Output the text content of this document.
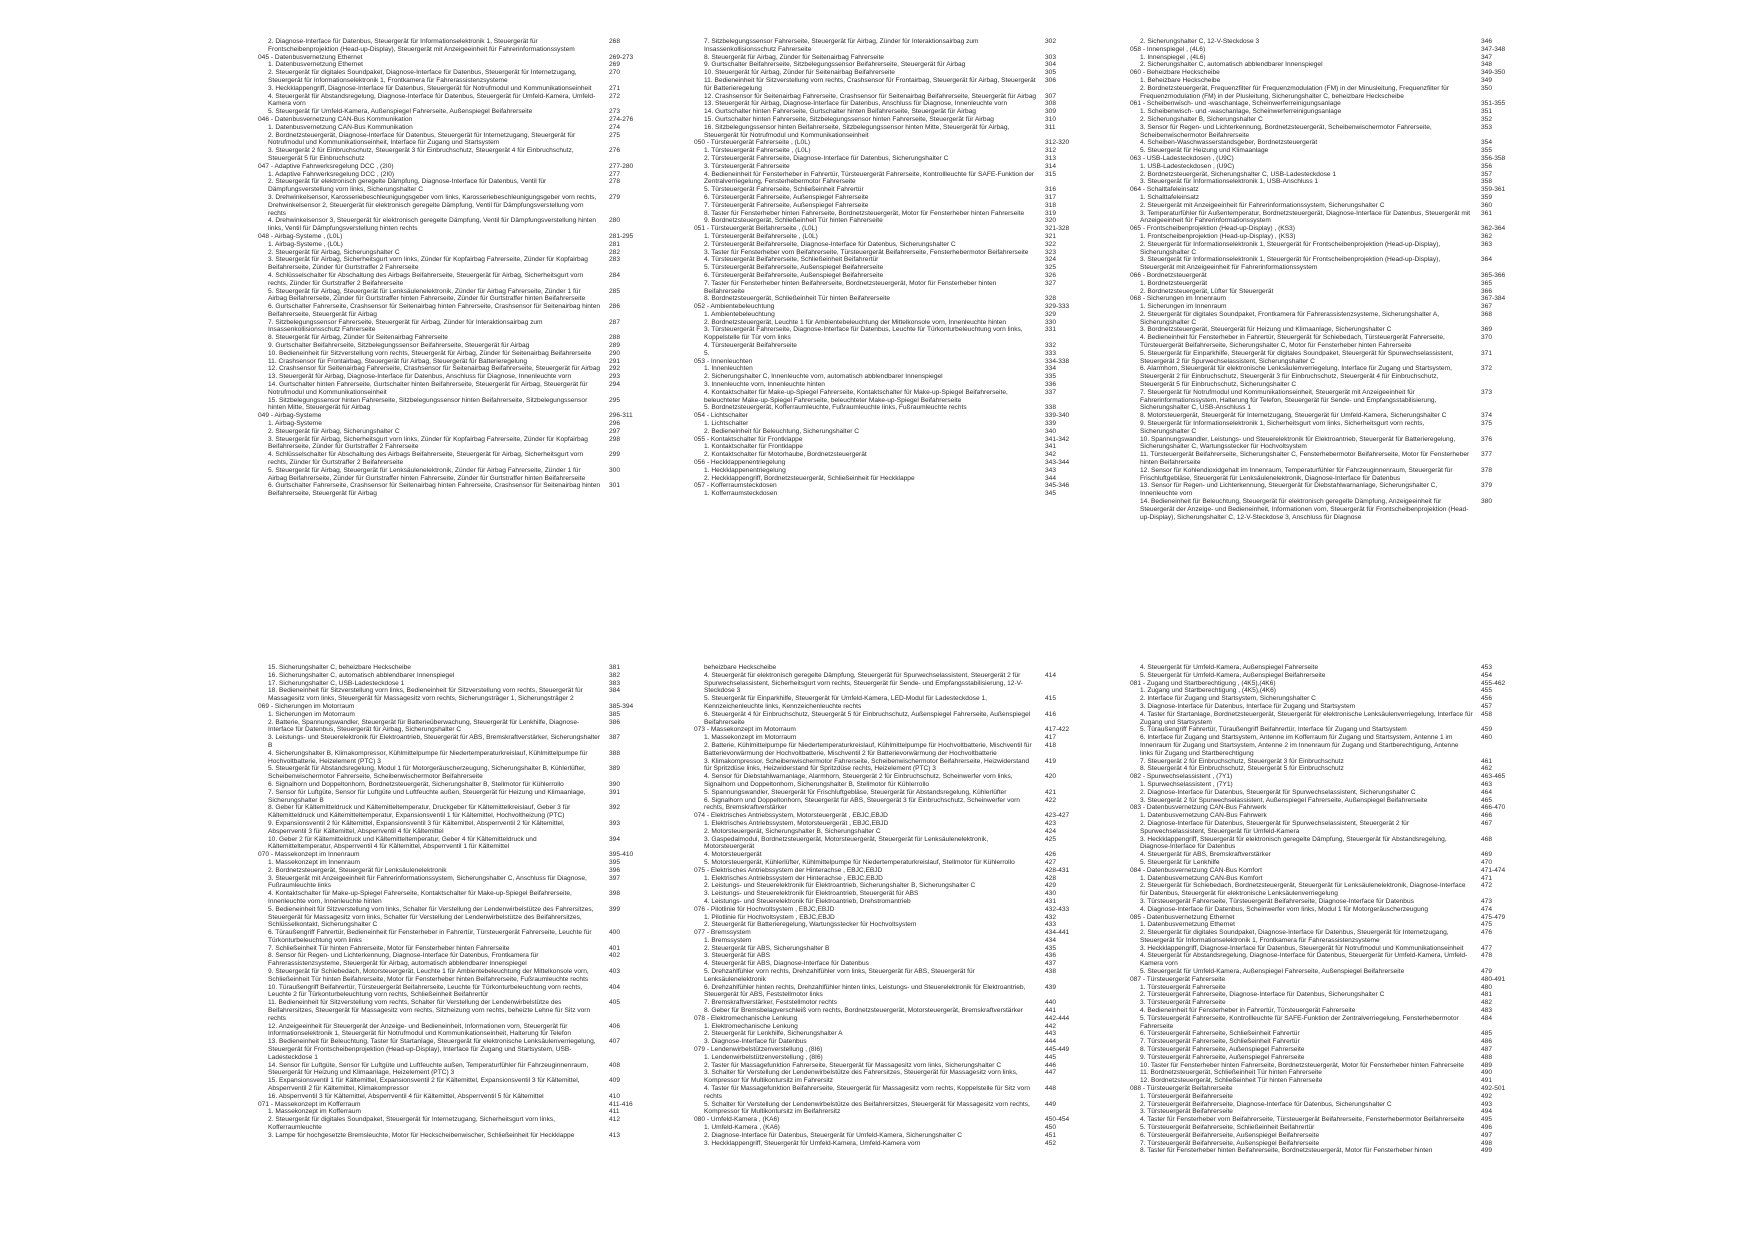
2. Diagnose-Interface für Datenbus, Steuergerät für Informationselektronik 1, Steuergerät für Frontscheibenprojektion (Head-up-Display), Steuergerät mit Anzeigeeinheit für Fahrerinformationssystem
268
045 - Datenbusvernetzung Ethernet	269-273
1. Datenbusvernetzung Ethernet	269
2. Steuergerät für digitales Soundpaket, Diagnose-Interface für Datenbus, Steuergerät für Internetzugang, Steuergerät für Informationselektronik 1, Frontkamera für Fahrerassistenzsysteme
270
3. Heckklappengriff, Diagnose-Interface für Datenbus, Steuergerät für Notrufmodul und Kommunikationseinheit	271
4. Steuergerät für Abstandsregelung, Diagnose-Interface für Datenbus, Steuergerät für Umfeld-Kamera, Umfeld-Kamera vorn
272
5. Steuergerät für Umfeld-Kamera, Außenspiegel Fahrerseite, Außenspiegel Beifahrerseite	273
046 - Datenbusvernetzung CAN-Bus Kommunikation	274-276
1. Datenbusvernetzung CAN-Bus Kommunikation	274
2. Bordnetzsteuergerät, Diagnose-Interface für Datenbus, Steuergerät für Internetzugang, Steuergerät für Notrufmodul und Kommunikationseinheit, Interface für Zugang und Startsystem
275
3. Steuergerät 2 für Einbruchschutz, Steuergerät 3 für Einbruchschutz, Steuergerät 4 für Einbruchschutz, Steuergerät 5 für Einbruchschutz
276
047 - Adaptive Fahrwerksregelung DCC , (2I0)	277-280
1. Adaptive Fahrwerksregelung DCC , (2I0)	277
2. Steuergerät für elektronisch geregelte Dämpfung, Diagnose-Interface für Datenbus, Ventil für Dämpfungsverstellung vorn links, Sicherungshalter C
278
3. Drehwinkelsensor, Karosseriebeschleunigungsgeber vorn links, Karosseriebeschleunigungsgeber vorn rechts, Drehwinkelsensor 2, Steuergerät für elektronisch geregelte Dämpfung, Ventil für Dämpfungsverstellung vorn rechts
279
4. Drehwinkelsensor 3, Steuergerät für elektronisch geregelte Dämpfung, Ventil für Dämpfungsverstellung hinten links, Ventil für Dämpfungsverstellung hinten rechts
280
048 - Airbag-Systeme , (L0L)	281-295
1. Airbag-Systeme , (L0L)	281
2. Steuergerät für Airbag, Sicherungshalter C	282
3. Steuergerät für Airbag, Sicherheitsgurt vorn links, Zünder für Kopfairbag Fahrerseite, Zünder für Kopfairbag Beifahrerseite, Zünder für Gurtstraffer 2 Fahrerseite
283
4. Schlüsselschalter für Abschaltung des Airbags Beifahrerseite, Steuergerät für Airbag, Sicherheitsgurt vorn rechts, Zünder für Gurtstraffer 2 Beifahrerseite
284
5. Steuergerät für Airbag, Steuergerät für Lenksäulenelektronik, Zünder für Airbag Fahrerseite, Zünder 1 für Airbag Beifahrerseite, Zünder für Gurtstraffer hinten Fahrerseite, Zünder für Gurtstraffer hinten Beifahrerseite
285
6. Gurtschalter Fahrerseite, Crashsensor für Seitenairbag hinten Fahrerseite, Crashsensor für Seitenairbag hinten Beifahrerseite, Steuergerät für Airbag
286
7. Sitzbelegungssensor Fahrerseite, Steuergerät für Airbag, Zünder für Interaktionsairbag zum Insassenkollisionsschutz Fahrerseite
287
8. Steuergerät für Airbag, Zünder für Seitenairbag Fahrerseite	288
9. Gurtschalter Beifahrerseite, Sitzbelegungssensor Beifahrerseite, Steuergerät für Airbag	289
10. Bedieneinheit für Sitzverstellung vorn rechts, Steuergerät für Airbag, Zünder für Seitenairbag Beifahrerseite	290
11. Crashsensor für Frontairbag, Steuergerät für Airbag, Steuergerät für Batterieregelung	291
12. Crashsensor für Seitenairbag Fahrerseite, Crashsensor für Seitenairbag Beifahrerseite, Steuergerät für Airbag	292
13. Steuergerät für Airbag, Diagnose-Interface für Datenbus, Anschluss für Diagnose, Innenleuchte vorn	293
14. Gurtschalter hinten Fahrerseite, Gurtschalter hinten Beifahrerseite, Steuergerät für Airbag, Steuergerät für Notrufmodul und Kommunikationseinheit
294
15. Sitzbelegungssensor hinten Fahrerseite, Sitzbelegungssensor hinten Beifahrerseite, Sitzbelegungssensor hinten Mitte, Steuergerät für Airbag
295
049 - Airbag-Systeme	296-311
1. Airbag-Systeme	296
2. Steuergerät für Airbag, Sicherungshalter C	297
3. Steuergerät für Airbag, Sicherheitsgurt vorn links, Zünder für Kopfairbag Fahrerseite, Zünder für Kopfairbag Beifahrerseite, Zünder für Gurtstraffer 2 Fahrerseite
298
4. Schlüsselschalter für Abschaltung des Airbags Beifahrerseite, Steuergerät für Airbag, Sicherheitsgurt vorn rechts, Zünder für Gurtstraffer 2 Beifahrerseite
299
5. Steuergerät für Airbag, Steuergerät für Lenksäulenelektronik, Zünder für Airbag Fahrerseite, Zünder 1 für Airbag Beifahrerseite, Zünder für Gurtstraffer hinten Fahrerseite, Zünder für Gurtstraffer hinten Beifahrerseite
300
6. Gurtschalter Fahrerseite, Crashsensor für Seitenairbag hinten Fahrerseite, Crashsensor für Seitenairbag hinten Beifahrerseite, Steuergerät für Airbag
301
7. Sitzbelegungssensor Fahrerseite, Steuergerät für Airbag, Zünder für Interaktionsairbag zum Insassenkollisionsschutz Fahrerseite
302
8. Steuergerät für Airbag, Zünder für Seitenairbag Fahrerseite	303
9. Gurtschalter Beifahrerseite, Sitzbelegungssensor Beifahrerseite, Steuergerät für Airbag	304
10. Steuergerät für Airbag, Zünder für Seitenairbag Beifahrerseite	305
11. Bedieneinheit für Sitzverstellung vorn rechts, Crashsensor für Frontairbag, Steuergerät für Airbag, Steuergerät für Batterieregelung
306
12. Crashsensor für Seitenairbag Fahrerseite, Crashsensor für Seitenairbag Beifahrerseite, Steuergerät für Airbag	307
13. Steuergerät für Airbag, Diagnose-Interface für Datenbus, Anschluss für Diagnose, Innenleuchte vorn	308
14. Gurtschalter hinten Fahrerseite, Gurtschalter hinten Beifahrerseite, Steuergerät für Airbag	309
15. Gurtschalter hinten Fahrerseite, Sitzbelegungssensor hinten Fahrerseite, Steuergerät für Airbag	310
16. Sitzbelegungssensor hinten Beifahrerseite, Sitzbelegungssensor hinten Mitte, Steuergerät für Airbag, Steuergerät für Notrufmodul und Kommunikationseinheit
311
050 - Türsteuergerät Fahrerseite , (L0L)	312-320
1. Türsteuergerät Fahrerseite , (L0L)	312
2. Türsteuergerät Fahrerseite, Diagnose-Interface für Datenbus, Sicherungshalter C	313
3. Türsteuergerät Fahrerseite	314
4. Bedieneinheit für Fensterheber in Fahrertür, Türsteuergerät Fahrerseite, Kontrollleuchte für SAFE-Funktion der Zentralverriegelung, Fensterhebermotor Fahrerseite
315
5. Türsteuergerät Fahrerseite, Schließeinheit Fahrertür	316
6. Türsteuergerät Fahrerseite, Außenspiegel Fahrerseite	317
7. Türsteuergerät Fahrerseite, Außenspiegel Fahrerseite	318
8. Taster für Fensterheber hinten Fahrerseite, Bordnetzsteuergerät, Motor für Fensterheber hinten Fahrerseite	319
9. Bordnetzsteuergerät, Schließeinheit Tür hinten Fahrerseite	320
051 - Türsteuergerät Beifahrerseite , (L0L)	321-328
1. Türsteuergerät Beifahrerseite , (L0L)	321
2. Türsteuergerät Beifahrerseite, Diagnose-Interface für Datenbus, Sicherungshalter C	322
3. Taster für Fensterheber vorn Beifahrerseite, Türsteuergerät Beifahrerseite, Fensterhebermotor Beifahrerseite	323
4. Türsteuergerät Beifahrerseite, Schließeinheit Beifahrertür	324
5. Türsteuergerät Beifahrerseite, Außenspiegel Beifahrerseite	325
6. Türsteuergerät Beifahrerseite, Außenspiegel Beifahrerseite	326
7. Taster für Fensterheber hinten Beifahrerseite, Bordnetzsteuergerät, Motor für Fensterheber hinten Beifahrerseite
327
8. Bordnetzsteuergerät, Schließeinheit Tür hinten Beifahrerseite	328
052 - Ambientebeleuchtung	329-333
1. Ambientebeleuchtung	329
2. Bordnetzsteuergerät, Leuchte 1 für Ambientebeleuchtung der Mittelkonsole vorn, Innenleuchte hinten	330
3. Türsteuergerät Fahrerseite, Diagnose-Interface für Datenbus, Leuchte für Türkonturbeleuchtung vorn links, Koppelstelle für Tür vorn links
331
4. Türsteuergerät Beifahrerseite	332
5.	333
053 - Innenleuchten	334-338
1. Innenleuchten	334
2. Sicherungshalter C, Innenleuchte vorn, automatisch abblendbarer Innenspiegel	335
3. Innenleuchte vorn, Innenleuchte hinten	336
4. Kontaktschalter für Make-up-Spiegel Fahrerseite, Kontaktschalter für Make-up-Spiegel Beifahrerseite, beleuchteter Make-up-Spiegel Fahrerseite, beleuchteter Make-up-Spiegel Beifahrerseite
337
5. Bordnetzsteuergerät, Kofferraumleuchte, Fußraumleuchte links, Fußraumleuchte rechts	338
054 - Lichtschalter	339-340
1. Lichtschalter	339
2. Bedieneinheit für Beleuchtung, Sicherungshalter C	340
055 - Kontaktschalter für Frontklappe	341-342
1. Kontaktschalter für Frontklappe	341
2. Kontaktschalter für Motorhaube, Bordnetzsteuergerät	342
056 - Heckklappenentriegelung	343-344
1. Heckklappenentriegelung	343
2. Heckklappengriff, Bordnetzsteuergerät, Schließeinheit für Heckklappe	344
057 - Kofferraumsteckdosen	345-346
1. Kofferraumsteckdosen	345
2. Sicherungshalter C, 12-V-Steckdose 3	346
058 - Innenspiegel , (4L6)	347-348
1. Innenspiegel , (4L6)	347
2. Sicherungshalter C, automatisch abblendbarer Innenspiegel	348
060 - Beheizbare Heckscheibe	349-350
1. Beheizbare Heckscheibe	349
2. Bordnetzsteuergerät, Frequenzfilter für Frequenzmodulation (FM) in der Minusleitung, Frequenzfilter für Frequenzmodulation (FM) in der Plusleitung, Sicherungshalter C, beheizbare Heckscheibe
350
061 - Scheibenwisch- und -waschanlage, Scheinwerferreinigungsanlage	351-355
1. Scheibenwisch- und -waschanlage, Scheinwerferreinigungsanlage	351
2. Sicherungshalter B, Sicherungshalter C	352
3. Sensor für Regen- und Lichterkennung, Bordnetzsteuergerät, Scheibenwischermotor Fahrerseite, Scheibenwischermotor Beifahrerseite
353
4. Scheiben-Waschwasserstandsgeber, Bordnetzsteuergerät	354
5. Steuergerät für Heizung und Klimaanlage	355
063 - USB-Ladesteckdosen , (U9C)	356-358
1. USB-Ladesteckdosen , (U9C)	356
2. Bordnetzsteuergerät, Sicherungshalter C, USB-Ladesteckdose 1	357
3. Steuergerät für Informationselektronik 1, USB-Anschluss 1	358
064 - Schalttafeleinsatz	359-361
1. Schalttafeleinsatz	359
2. Steuergerät mit Anzeigeeinheit für Fahrerinformationssystem, Sicherungshalter C	360
3. Temperaturfühler für Außentemperatur, Bordnetzsteuergerät, Diagnose-Interface für Datenbus, Steuergerät mit Anzeigeeinheit für Fahrerinformationssystem
361
065 - Frontscheibenprojektion (Head-up-Display) , (KS3)	362-364
1. Frontscheibenprojektion (Head-up-Display) , (KS3)	362
2. Steuergerät für Informationselektronik 1, Steuergerät für Frontscheibenprojektion (Head-up-Display), Sicherungshalter C
363
3. Steuergerät für Informationselektronik 1, Steuergerät für Frontscheibenprojektion (Head-up-Display), Steuergerät mit Anzeigeeinheit für Fahrerinformationssystem
364
066 - Bordnetzsteuergerät	365-366
1. Bordnetzsteuergerät	365
2. Bordnetzsteuergerät, Lüfter für Steuergerät	366
068 - Sicherungen im Innenraum	367-384
1. Sicherungen im Innenraum	367
2. Steuergerät für digitales Soundpaket, Frontkamera für Fahrerassistenzsysteme, Sicherungshalter A, Sicherungshalter C
368
3. Bordnetzsteuergerät, Steuergerät für Heizung und Klimaanlage, Sicherungshalter C	369
4. Bedieneinheit für Fensterheber in Fahrertür, Steuergerät für Schiebedach, Türsteuergerät Fahrerseite, Türsteuergerät Beifahrerseite, Sicherungshalter C, Motor für Fensterheber hinten Fahrerseite
370
5. Steuergerät für Einparkhilfe, Steuergerät für digitales Soundpaket, Steuergerät für Spurwechselassistent, Steuergerät 2 für Spurwechselassistent, Sicherungshalter C
371
6. Alarmhorn, Steuergerät für elektronische Lenksäulenverriegelung, Interface für Zugang und Startsystem, Steuergerät 2 für Einbruchschutz, Steuergerät 3 für Einbruchschutz, Steuergerät 4 für Einbruchschutz, Steuergerät 5 für Einbruchschutz, Sicherungshalter C
372
7. Steuergerät für Notrufmodul und Kommunikationseinheit, Steuergerät mit Anzeigeeinheit für Fahrerinformationssystem, Halterung für Telefon, Steuergerät für Sende- und Empfangsstabilisierung, Sicherungshalter C, USB-Anschluss 1
373
8. Motorsteuergerät, Steuergerät für Internetzugang, Steuergerät für Umfeld-Kamera, Sicherungshalter C	374
9. Steuergerät für Informationselektronik 1, Sicherheitsgurt vorn links, Sicherheitsgurt vorn rechts, Sicherungshalter C
375
10. Spannungswandler, Leistungs- und Steuerelektronik für Elektroantrieb, Steuergerät für Batterieregelung, Sicherungshalter C, Wartungsstecker für Hochvoltsystem
376
11. Türsteuergerät Beifahrerseite, Sicherungshalter C, Fensterhebermotor Beifahrerseite, Motor für Fensterheber hinten Beifahrerseite
377
12. Sensor für Kohlendioxidgehalt im Innenraum, Temperaturfühler für Fahrzeuginnenraum, Steuergerät für Frischluftgebläse, Steuergerät für Lenksäulenelektronik, Diagnose-Interface für Datenbus
378
13. Sensor für Regen- und Lichterkennung, Steuergerät für Diebstahlwarnanlage, Sicherungshalter C, Innenleuchte vorn
379
14. Bedieneinheit für Beleuchtung, Steuergerät für elektronisch geregelte Dämpfung, Anzeigeeinheit für Steuergerät der Anzeige- und Bedieneinheit, Informationen vorn, Steuergerät für Frontscheibenprojektion (Head-up-Display), Sicherungshalter C, 12-V-Steckdose 3, Anschluss für Diagnose
380
15. Sicherungshalter C, beheizbare Heckscheibe	381
16. Sicherungshalter C, automatisch abblendbarer Innenspiegel	382
17. Sicherungshalter C, USB-Ladesteckdose 1	383
18. Bedieneinheit für Sitzverstellung vorn links, Bedieneinheit für Sitzverstellung vorn rechts, Steuergerät für Massagesitz vorn links, Steuergerät für Massagesitz vorn rechts, Sicherungsträger 1, Sicherungsträger 2
384
069 - Sicherungen im Motorraum	385-394
1. Sicherungen im Motorraum	385
2. Batterie, Spannungswandler, Steuergerät für Batterieüberwachung, Steuergerät für Lenkhilfe, Diagnose-Interface für Datenbus, Steuergerät für Airbag, Sicherungshalter C
386
3. Leistungs- und Steuerelektronik für Elektroantrieb, Steuergerät für ABS, Bremskraftverstärker, Sicherungshalter B
387
4. Sicherungshalter B, Klimakompressor, Kühlmittelpumpe für Niedertemperaturkreislauf, Kühlmittelpumpe für Hochvoltbatterie, Heizelement (PTC) 3
388
5. Steuergerät für Abstandsregelung, Modul 1 für Motorgeräuscherzeugung, Sicherungshalter B, Kühlerlüfter, Scheibenwischermotor Fahrerseite, Scheibenwischermotor Beifahrerseite
389
6. Signalhorn und Doppeltonhorn, Bordnetzsteuergerät, Sicherungshalter B, Stellmotor für Kühlerrollo	390
7. Sensor für Luftgüte, Sensor für Luftgüte und Luftfeuchte außen, Steuergerät für Heizung und Klimaanlage, Sicherungshalter B
391
8. Geber für Kältemitteldruck und Kältemitteltemperatur, Druckgeber für Kältemittelkreislauf, Geber 3 für Kältemitteldruck und Kältemitteltemperatur, Expansionsventil 1 für Kältemittel, Hochvoltheizung (PTC)
392
9. Expansionsventil 2 für Kältemittel, Expansionsventil 3 für Kältemittel, Absperrventil 2 für Kältemittel, Absperrventil 3 für Kältemittel, Absperrventil 4 für Kältemittel
393
10. Geber 2 für Kältemitteldruck und Kältemitteltemperatur, Geber 4 für Kältemitteldruck und Kältemitteltemperatur, Absperrventil 4 für Kältemittel, Absperrventil 1 für Kältemittel
394
070 - Massekonzept im Innenraum	395-410
1. Massekonzept im Innenraum	395
2. Bordnetzsteuergerät, Steuergerät für Lenksäulenelektronik	396
3. Steuergerät mit Anzeigeeinheit für Fahrerinformationssystem, Sicherungshalter C, Anschluss für Diagnose, Fußraumleuchte links
397
4. Kontaktschalter für Make-up-Spiegel Fahrerseite, Kontaktschalter für Make-up-Spiegel Beifahrerseite, Innenleuchte vorn, Innenleuchte hinten
398
5. Bedieneinheit für Sitzverstellung vorn links, Schalter für Verstellung der Lendenwirbelstütze des Fahrersitzes, Steuergerät für Massagesitz vorn links, Schalter für Verstellung der Lendenwirbelstütze des Beifahrersitzes, Schlüsselkontakt, Sicherungshalter C
399
6. Türaußengriff Fahrertür, Bedieneinheit für Fensterheber in Fahrertür, Türsteuergerät Fahrerseite, Leuchte für Türkonturbeleuchtung vorn links
400
7. Schließeinheit Tür hinten Fahrerseite, Motor für Fensterheber hinten Fahrerseite	401
8. Sensor für Regen- und Lichterkennung, Diagnose-Interface für Datenbus, Frontkamera für Fahrerassistenzsysteme, Steuergerät für Airbag, automatisch abblendbarer Innenspiegel
402
9. Steuergerät für Schiebedach, Motorsteuergerät, Leuchte 1 für Ambientebeleuchtung der Mittelkonsole vorn, Schließeinheit Tür hinten Beifahrerseite, Motor für Fensterheber hinten Beifahrerseite, Fußraumleuchte rechts
403
10. Türaußengriff Beifahrertür, Türsteuergerät Beifahrerseite, Leuchte für Türkonturbeleuchtung vorn rechts, Leuchte 2 für Türkonturbeleuchtung vorn rechts, Schließeinheit Beifahrertür
404
11. Bedieneinheit für Sitzverstellung vorn rechts, Schalter für Verstellung der Lendenwirbelstütze des Beifahrersitzes, Steuergerät für Massagesitz vorn rechts, Sitzheizung vorn rechts, beheizte Lehne für Sitz vorn rechts
405
12. Anzeigeeinheit für Steuergerät der Anzeige- und Bedieneinheit, Informationen vorn, Steuergerät für Informationselektronik 1, Steuergerät für Notrufmodul und Kommunikationseinheit, Halterung für Telefon
406
13. Bedieneinheit für Beleuchtung, Taster für Startanlage, Steuergerät für elektronische Lenksäulenverriegelung, Steuergerät für Frontscheibenprojektion (Head-up-Display), Interface für Zugang und Startsystem, USB-Ladesteckdose 1
407
14. Sensor für Luftgüte, Sensor für Luftgüte und Luftfeuchte außen, Temperaturfühler für Fahrzeuginnenraum, Steuergerät für Heizung und Klimaanlage, Heizelement (PTC) 3
408
15. Expansionsventil 1 für Kältemittel, Expansionsventil 2 für Kältemittel, Expansionsventil 3 für Kältemittel, Absperrventil 2 für Kältemittel, Klimakompressor
409
16. Absperrventil 3 für Kältemittel, Absperrventil 4 für Kältemittel, Absperrventil 5 für Kältemittel	410
071 - Massekonzept im Kofferraum	411-416
1. Massekonzept im Kofferraum	411
2. Steuergerät für digitales Soundpaket, Steuergerät für Internetzugang, Sicherheitsgurt vorn links, Kofferraumleuchte
412
3. Lampe für hochgesetzte Bremsleuchte, Motor für Heckscheibenwischer, Schließeinheit für Heckklappe	413
beheizbare Heckscheibe
4. Steuergerät für elektronisch geregelte Dämpfung, Steuergerät für Spurwechselassistent, Steuergerät 2 für Spurwechselassistent, Sicherheitsgurt vorn rechts, Steuergerät für Sende- und Empfangsstabilisierung, 12-V-Steckdose 3
414
5. Steuergerät für Einparkhilfe, Steuergerät für Umfeld-Kamera, LED-Modul für Ladesteckdose 1, Kennzeichenleuchte links, Kennzeichenleuchte rechts
415
6. Steuergerät 4 für Einbruchschutz, Steuergerät 5 für Einbruchschutz, Außenspiegel Fahrerseite, Außenspiegel Beifahrerseite
416
073 - Massekonzept im Motorraum	417-422
1. Massekonzept im Motorraum	417
2. Batterie, Kühlmittelpumpe für Niedertemperaturkreislauf, Kühlmittelpumpe für Hochvoltbatterie, Mischventil für Batterievorwärmung der Hochvoltbatterie, Mischventil 2 für Batterievorwärmung der Hochvoltbatterie
418
3. Klimakompressor, Scheibenwischermotor Fahrerseite, Scheibenwischermotor Beifahrerseite, Heizwiderstand für Spritzdüse links, Heizwiderstand für Spritzdüse rechts, Heizelement (PTC) 3
419
4. Sensor für Diebstahlwarnanlage, Alarmhorn, Steuergerät 2 für Einbruchschutz, Scheinwerfer vorn links, Signalhorn und Doppeltonhorn, Sicherungshalter B, Stellmotor für Kühlerrollo
420
5. Spannungswandler, Steuergerät für Frischluftgebläse, Steuergerät für Abstandsregelung, Kühlerlüfter	421
6. Signalhorn und Doppeltonhorn, Steuergerät für ABS, Steuergerät 3 für Einbruchschutz, Scheinwerfer vorn rechts, Bremskraftverstärker
422
074 - Elektrisches Antriebssystem, Motorsteuergerät , EBJC,EBJD	423-427
1. Elektrisches Antriebssystem, Motorsteuergerät , EBJC,EBJD	423
2. Motorsteuergerät, Sicherungshalter B, Sicherungshalter C	424
3. Gaspedalmodul, Bordnetzsteuergerät, Motorsteuergerät, Steuergerät für Lenksäulenelektronik, Motorsteuergerät
425
4. Motorsteuergerät	426
5. Motorsteuergerät, Kühlerlüfter, Kühlmittelpumpe für Niedertemperaturkreislauf, Stellmotor für Kühlerrollo	427
075 - Elektrisches Antriebssystem der Hinterachse , EBJC,EBJD	428-431
1. Elektrisches Antriebssystem der Hinterachse , EBJC,EBJD	428
2. Leistungs- und Steuerelektronik für Elektroantrieb, Sicherungshalter B, Sicherungshalter C	429
3. Leistungs- und Steuerelektronik für Elektroantrieb, Steuergerät für ABS	430
4. Leistungs- und Steuerelektronik für Elektroantrieb, Drehstromantrieb	431
076 - Pilotlinie für Hochvoltsystem , EBJC,EBJD	432-433
1. Pilotlinie für Hochvoltsystem , EBJC,EBJD	432
2. Steuergerät für Batterieregelung, Wartungsstecker für Hochvoltsystem	433
077 - Bremssystem	434-441
1. Bremssystem	434
2. Steuergerät für ABS, Sicherungshalter B	435
3. Steuergerät für ABS	436
4. Steuergerät für ABS, Diagnose-Interface für Datenbus	437
5. Drehzahlfühler vorn rechts, Drehzahlfühler vorn links, Steuergerät für ABS, Steuergerät für Lenksäulenelektronik
438
6. Drehzahlfühler hinten rechts, Drehzahlfühler hinten links, Leistungs- und Steuerelektronik für Elektroantrieb, Steuergerät für ABS, Feststellmotor links
439
7. Bremskraftverstärker, Feststellmotor rechts	440
8. Geber für Bremsbelagverschleiß vorn rechts, Bordnetzsteuergerät, Motorsteuergerät, Bremskraftverstärker	441
078 - Elektromechanische Lenkung	442-444
1. Elektromechanische Lenkung	442
2. Steuergerät für Lenkhilfe, Sicherungshalter A	443
3. Diagnose-Interface für Datenbus	444
079 - Lendenwirbelstützenverstellung , (8I6)	445-449
1. Lendenwirbelstützenverstellung , (8I6)	445
2. Taster für Massagefunktion Fahrerseite, Steuergerät für Massagesitz vorn links, Sicherungshalter C	446
3. Schalter für Verstellung der Lendenwirbelstütze des Fahrersitzes, Steuergerät für Massagesitz vorn links, Kompressor für Multikontursitz im Fahrersitz
447
4. Taster für Massagefunktion Beifahrerseite, Steuergerät für Massagesitz vorn rechts, Koppelstelle für Sitz vorn rechts
448
5. Schalter für Verstellung der Lendenwirbelstütze des Beifahrersitzes, Steuergerät für Massagesitz vorn rechts, Kompressor für Multikontursitz im Beifahrersitz
449
080 - Umfeld-Kamera , (KA6)	450-454
1. Umfeld-Kamera , (KA6)	450
2. Diagnose-Interface für Datenbus, Steuergerät für Umfeld-Kamera, Sicherungshalter C	451
3. Heckklappengriff, Steuergerät für Umfeld-Kamera, Umfeld-Kamera vorn	452
4. Steuergerät für Umfeld-Kamera, Außenspiegel Fahrerseite	453
5. Steuergerät für Umfeld-Kamera, Außenspiegel Beifahrerseite	454
081 - Zugang und Startberechtigung , (4K5),(4K6)	455-462
1. Zugang und Startberechtigung , (4K5),(4K6)	455
2. Interface für Zugang und Startsystem, Sicherungshalter C	456
3. Diagnose-Interface für Datenbus, Interface für Zugang und Startsystem	457
4. Taster für Startanlage, Bordnetzsteuergerät, Steuergerät für elektronische Lenksäulenverriegelung, Interface für Zugang und Startsystem
458
5. Türaußengriff Fahrertür, Türaußengriff Beifahrertür, Interface für Zugang und Startsystem	459
6. Interface für Zugang und Startsystem, Antenne im Kofferraum für Zugang und Startsystem, Antenne 1 im Innenraum für Zugang und Startsystem, Antenne 2 im Innenraum für Zugang und Startberechtigung, Antenne links für Zugang und Startberechtigung
460
7. Steuergerät 2 für Einbruchschutz, Steuergerät 3 für Einbruchschutz	461
8. Steuergerät 4 für Einbruchschutz, Steuergerät 5 für Einbruchschutz	462
082 - Spurwechselassistent , (7Y1)	463-465
1. Spurwechselassistent , (7Y1)	463
2. Diagnose-Interface für Datenbus, Steuergerät für Spurwechselassistent, Sicherungshalter C	464
3. Steuergerät 2 für Spurwechselassistent, Außenspiegel Fahrerseite, Außenspiegel Beifahrerseite	465
083 - Datenbusvernetzung CAN-Bus Fahrwerk	466-470
1. Datenbusvernetzung CAN-Bus Fahrwerk	466
2. Diagnose-Interface für Datenbus, Steuergerät für Spurwechselassistent, Steuergerät 2 für Spurwechselassistent, Steuergerät für Umfeld-Kamera
467
3. Heckklappengriff, Steuergerät für elektronisch geregelte Dämpfung, Steuergerät für Abstandsregelung, Diagnose-Interface für Datenbus
468
4. Steuergerät für ABS, Bremskraftverstärker	469
5. Steuergerät für Lenkhilfe	470
084 - Datenbusvernetzung CAN-Bus Komfort	471-474
1. Datenbusvernetzung CAN-Bus Komfort	471
2. Steuergerät für Schiebedach, Bordnetzsteuergerät, Steuergerät für Lenksäulenelektronik, Diagnose-Interface für Datenbus, Steuergerät für elektronische Lenksäulenverriegelung
472
3. Türsteuergerät Fahrerseite, Türsteuergerät Beifahrerseite, Diagnose-Interface für Datenbus	473
4. Diagnose-Interface für Datenbus, Scheinwerfer vorn links, Modul 1 für Motorgeräuscherzeugung	474
085 - Datenbusvernetzung Ethernet	475-479
1. Datenbusvernetzung Ethernet	475
2. Steuergerät für digitales Soundpaket, Diagnose-Interface für Datenbus, Steuergerät für Internetzugang, Steuergerät für Informationselektronik 1, Frontkamera für Fahrerassistenzsysteme
476
3. Heckklappengriff, Diagnose-Interface für Datenbus, Steuergerät für Notrufmodul und Kommunikationseinheit	477
4. Steuergerät für Abstandsregelung, Diagnose-Interface für Datenbus, Steuergerät für Umfeld-Kamera, Umfeld-Kamera vorn
478
5. Steuergerät für Umfeld-Kamera, Außenspiegel Fahrerseite, Außenspiegel Beifahrerseite	479
087 - Türsteuergerät Fahrerseite	480-491
1. Türsteuergerät Fahrerseite	480
2. Türsteuergerät Fahrerseite, Diagnose-Interface für Datenbus, Sicherungshalter C	481
3. Türsteuergerät Fahrerseite	482
4. Bedieneinheit für Fensterheber in Fahrertür, Türsteuergerät Fahrerseite	483
5. Türsteuergerät Fahrerseite, Kontrollleuchte für SAFE-Funktion der Zentralverriegelung, Fensterhebermotor Fahrerseite
484
6. Türsteuergerät Fahrerseite, Schließeinheit Fahrertür	485
7. Türsteuergerät Fahrerseite, Schließeinheit Fahrertür	486
8. Türsteuergerät Fahrerseite, Außenspiegel Fahrerseite	487
9. Türsteuergerät Fahrerseite, Außenspiegel Fahrerseite	488
10. Taster für Fensterheber hinten Fahrerseite, Bordnetzsteuergerät, Motor für Fensterheber hinten Fahrerseite	489
11. Bordnetzsteuergerät, Schließeinheit Tür hinten Fahrerseite	490
12. Bordnetzsteuergerät, Schließeinheit Tür hinten Fahrerseite	491
088 - Türsteuergerät Beifahrerseite	492-501
1. Türsteuergerät Beifahrerseite	492
2. Türsteuergerät Beifahrerseite, Diagnose-Interface für Datenbus, Sicherungshalter C	493
3. Türsteuergerät Beifahrerseite	494
4. Taster für Fensterheber vorn Beifahrerseite, Türsteuergerät Beifahrerseite, Fensterhebermotor Beifahrerseite	495
5. Türsteuergerät Beifahrerseite, Schließeinheit Beifahrertür	496
6. Türsteuergerät Beifahrerseite, Außenspiegel Beifahrerseite	497
7. Türsteuergerät Beifahrerseite, Außenspiegel Beifahrerseite	498
8. Taster für Fensterheber hinten Beifahrerseite, Bordnetzsteuergerät, Motor für Fensterheber hinten	499
